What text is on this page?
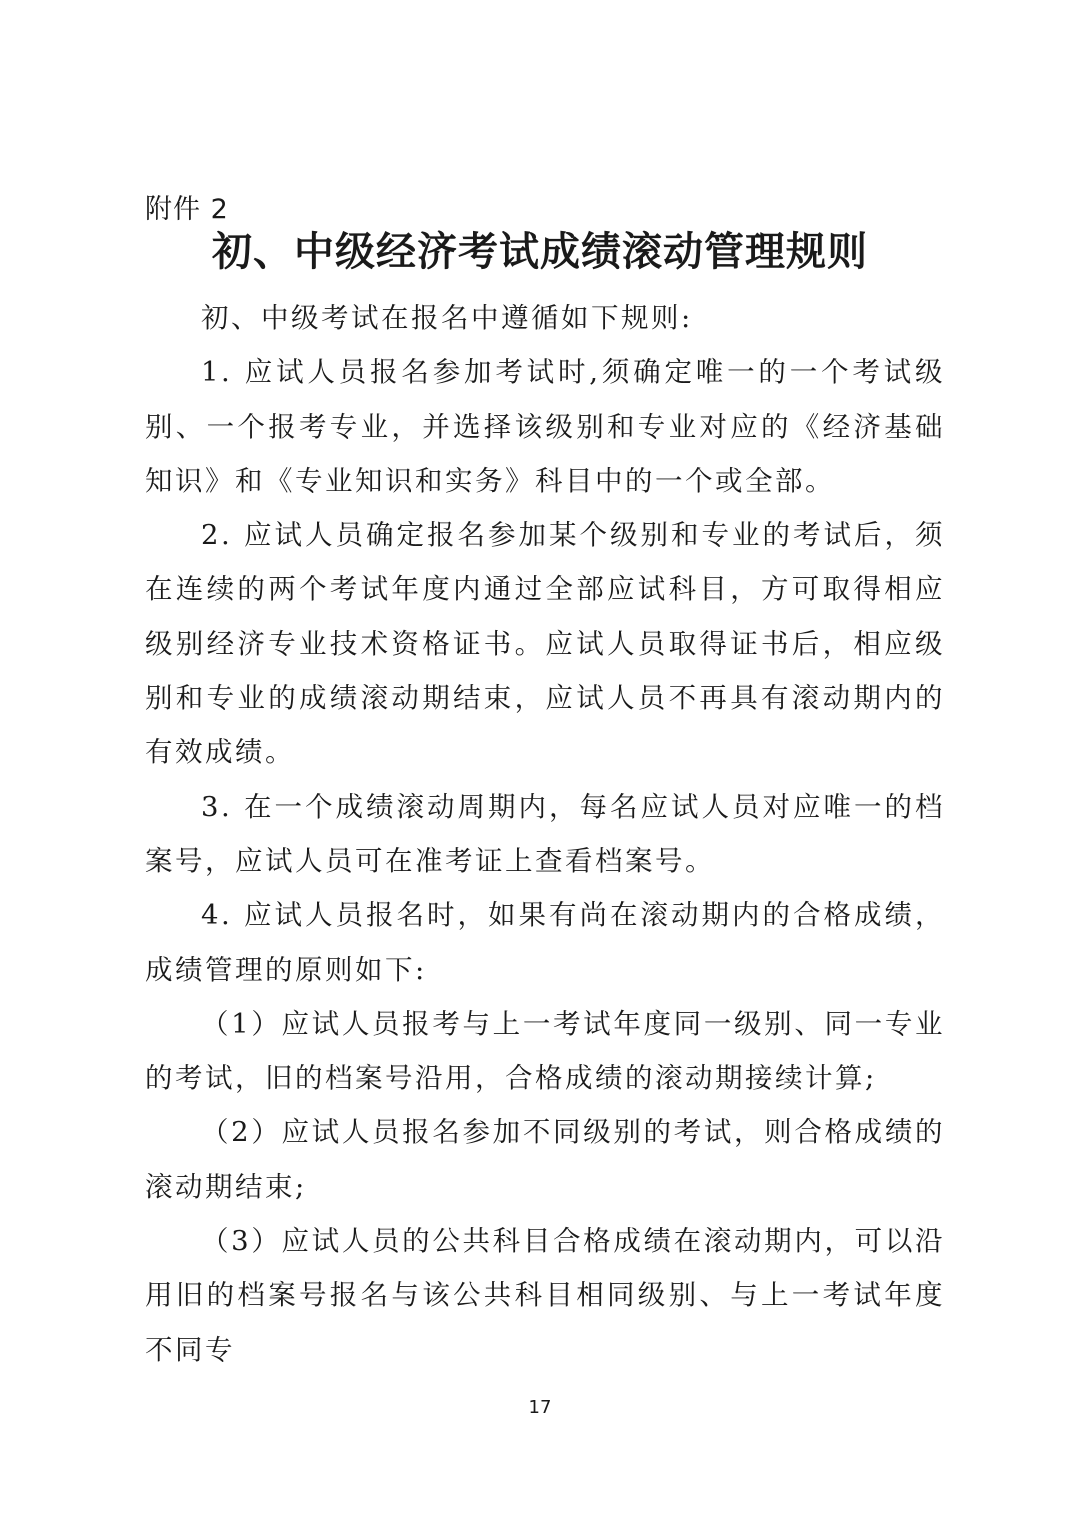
附件 2
初、中级经济考试成绩滚动管理规则

初、中级考试在报名中遵循如下规则:

1. 应试人员报名参加考试时,须确定唯一的一个考试级别、一个报考专业，并选择该级别和专业对应的《经济基础知识》和《专业知识和实务》科目中的一个或全部。

2. 应试人员确定报名参加某个级别和专业的考试后，须在连续的两个考试年度内通过全部应试科目，方可取得相应级别经济专业技术资格证书。应试人员取得证书后，相应级别和专业的成绩滚动期结束，应试人员不再具有滚动期内的有效成绩。

3. 在一个成绩滚动周期内，每名应试人员对应唯一的档案号，应试人员可在准考证上查看档案号。

4. 应试人员报名时，如果有尚在滚动期内的合格成绩，成绩管理的原则如下:

（1）应试人员报考与上一考试年度同一级别、同一专业的考试，旧的档案号沿用，合格成绩的滚动期接续计算;

（2）应试人员报名参加不同级别的考试，则合格成绩的滚动期结束;

（3）应试人员的公共科目合格成绩在滚动期内，可以沿用旧的档案号报名与该公共科目相同级别、与上一考试年度不同专

17
